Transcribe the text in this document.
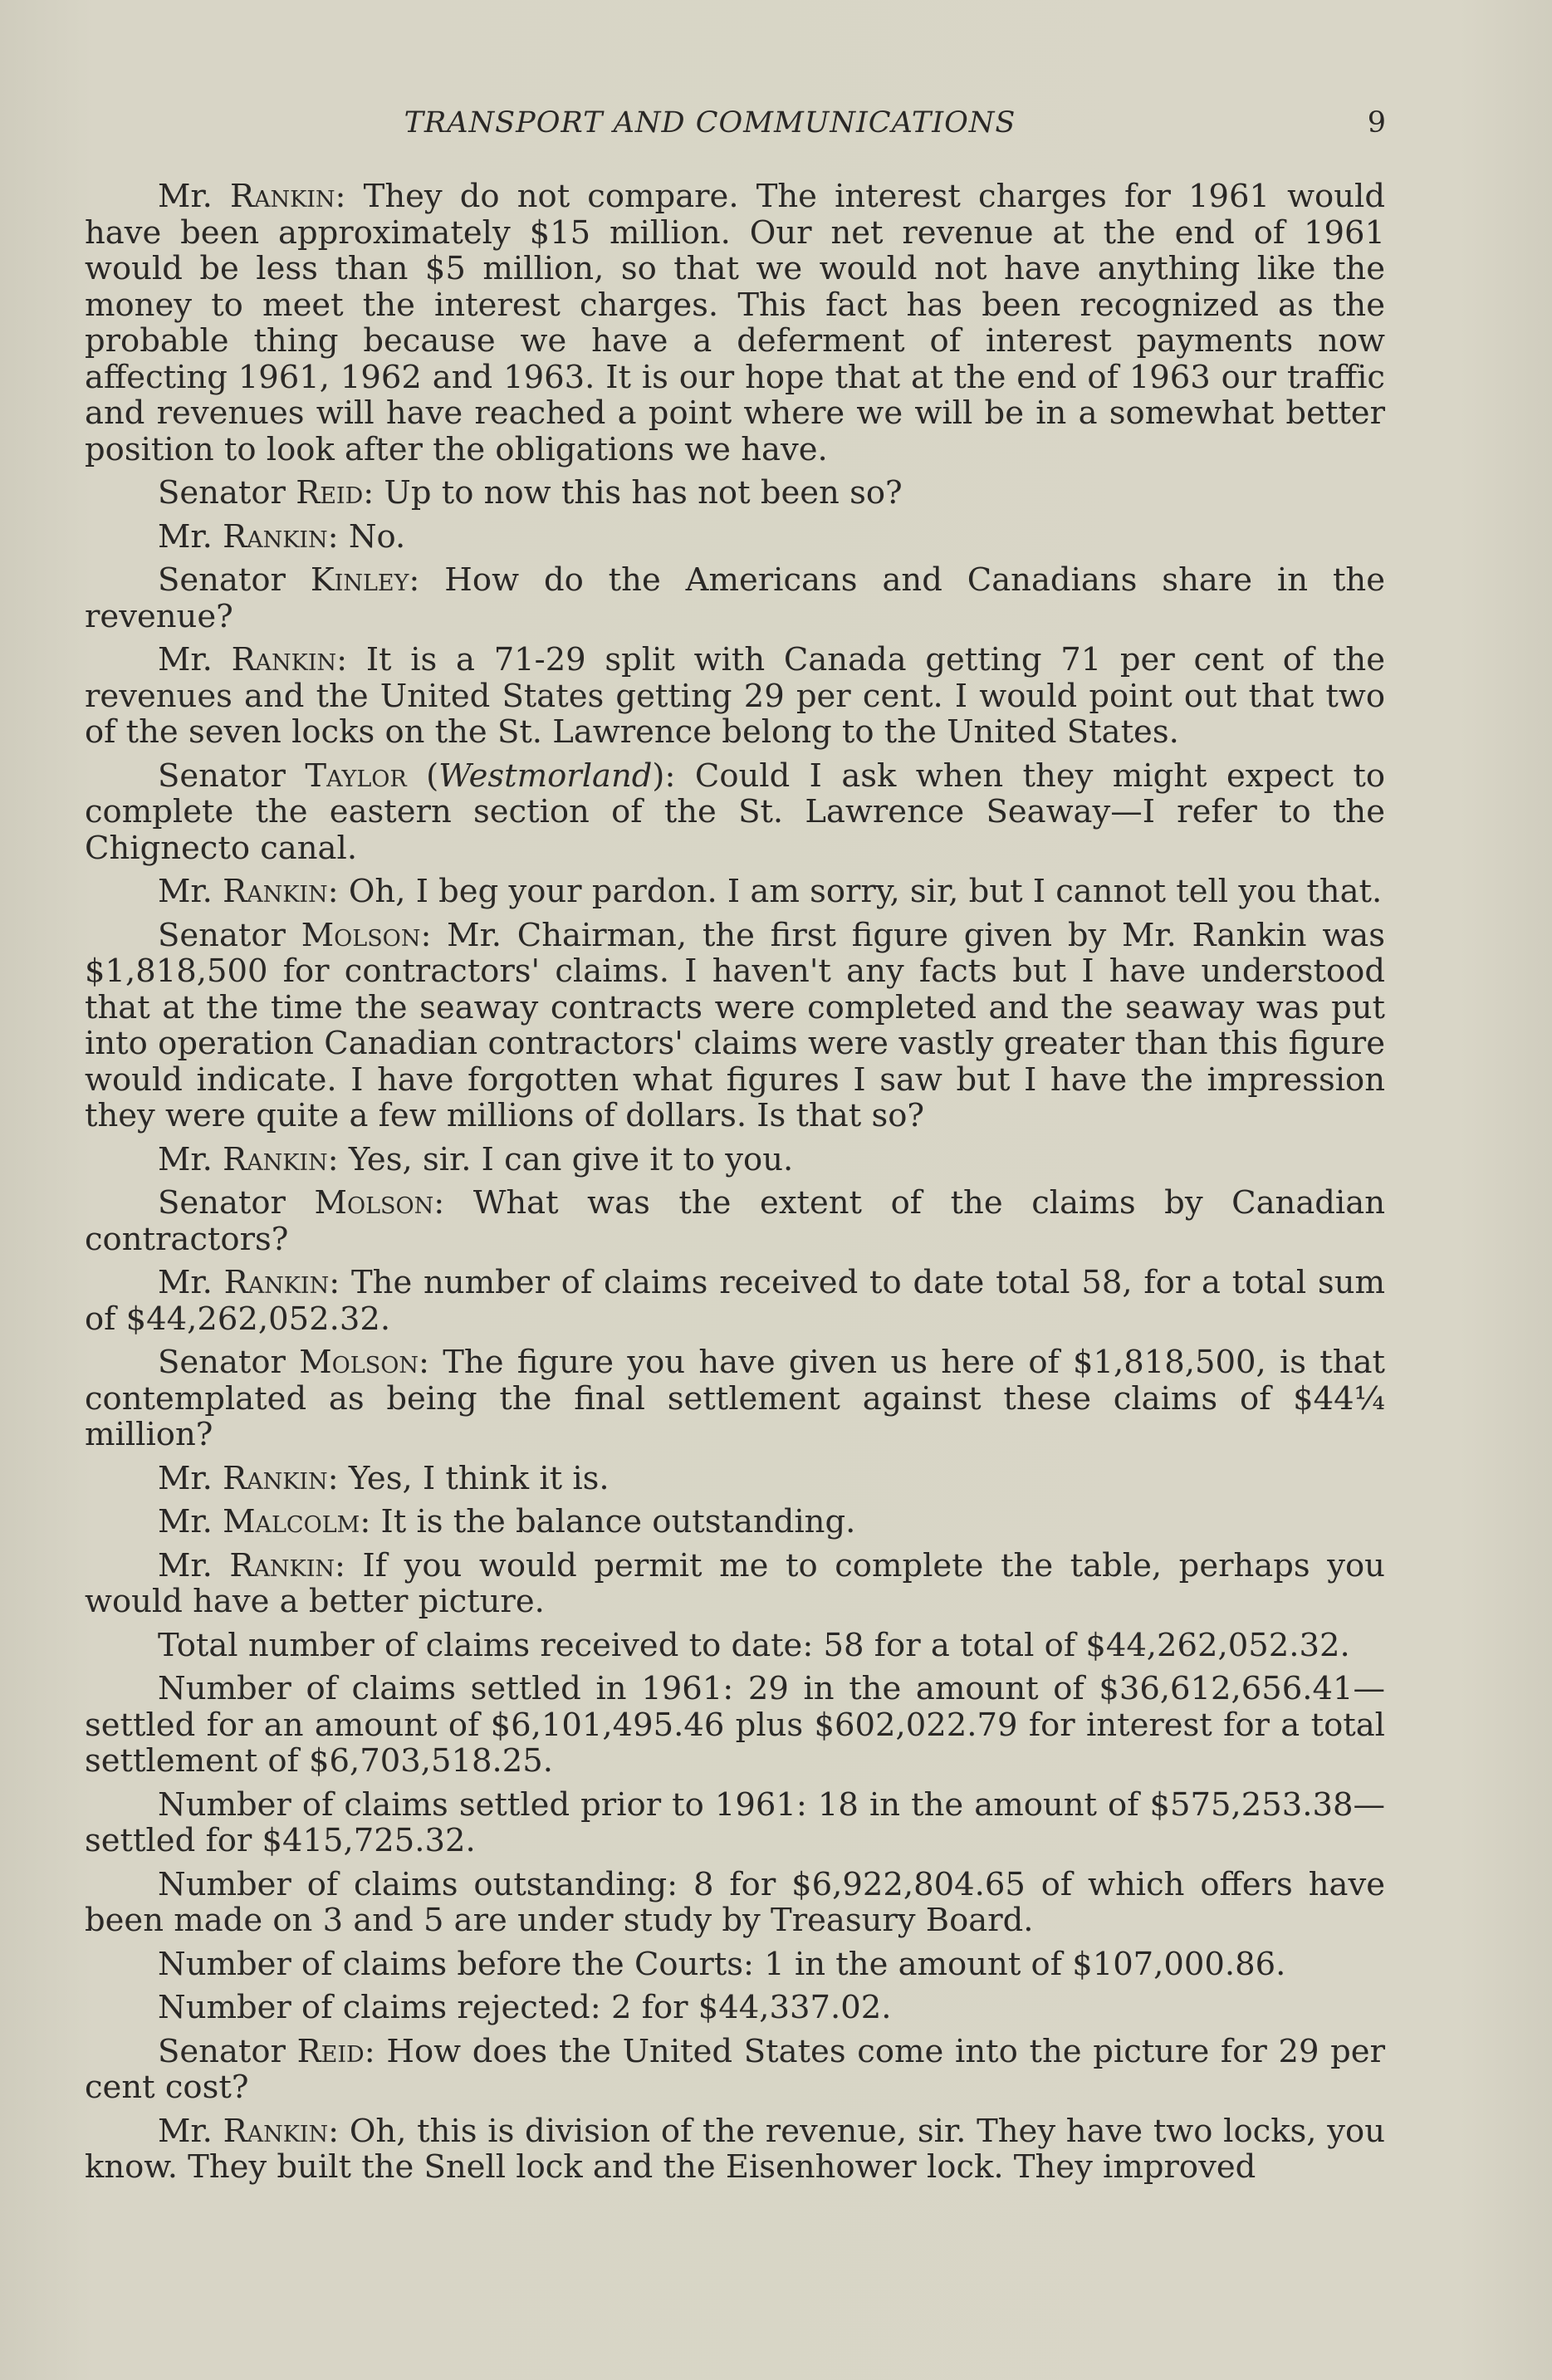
TRANSPORT AND COMMUNICATIONS	9

Mr. Rankin: They do not compare. The interest charges for 1961 would have been approximately $15 million. Our net revenue at the end of 1961 would be less than $5 million, so that we would not have anything like the money to meet the interest charges. This fact has been recognized as the probable thing because we have a deferment of interest payments now affecting 1961, 1962 and 1963. It is our hope that at the end of 1963 our traffic and revenues will have reached a point where we will be in a somewhat better position to look after the obligations we have.

Senator Reid: Up to now this has not been so?

Mr. Rankin: No.

Senator Kinley: How do the Americans and Canadians share in the revenue?

Mr. Rankin: It is a 71-29 split with Canada getting 71 per cent of the revenues and the United States getting 29 per cent. I would point out that two of the seven locks on the St. Lawrence belong to the United States.

Senator Taylor (Westmorland): Could I ask when they might expect to complete the eastern section of the St. Lawrence Seaway—I refer to the Chignecto canal.

Mr. Rankin: Oh, I beg your pardon. I am sorry, sir, but I cannot tell you that.

Senator Molson: Mr. Chairman, the first figure given by Mr. Rankin was $1,818,500 for contractors' claims. I haven't any facts but I have understood that at the time the seaway contracts were completed and the seaway was put into operation Canadian contractors' claims were vastly greater than this figure would indicate. I have forgotten what figures I saw but I have the impression they were quite a few millions of dollars. Is that so?

Mr. Rankin: Yes, sir. I can give it to you.

Senator Molson: What was the extent of the claims by Canadian contractors?

Mr. Rankin: The number of claims received to date total 58, for a total sum of $44,262,052.32.

Senator Molson: The figure you have given us here of $1,818,500, is that contemplated as being the final settlement against these claims of $44¼ million?

Mr. Rankin: Yes, I think it is.

Mr. Malcolm: It is the balance outstanding.

Mr. Rankin: If you would permit me to complete the table, perhaps you would have a better picture.

Total number of claims received to date: 58 for a total of $44,262,052.32.

Number of claims settled in 1961: 29 in the amount of $36,612,656.41—settled for an amount of $6,101,495.46 plus $602,022.79 for interest for a total settlement of $6,703,518.25.

Number of claims settled prior to 1961: 18 in the amount of $575,253.38—settled for $415,725.32.

Number of claims outstanding: 8 for $6,922,804.65 of which offers have been made on 3 and 5 are under study by Treasury Board.

Number of claims before the Courts: 1 in the amount of $107,000.86.

Number of claims rejected: 2 for $44,337.02.

Senator Reid: How does the United States come into the picture for 29 per cent cost?

Mr. Rankin: Oh, this is division of the revenue, sir. They have two locks, you know. They built the Snell lock and the Eisenhower lock. They improved
